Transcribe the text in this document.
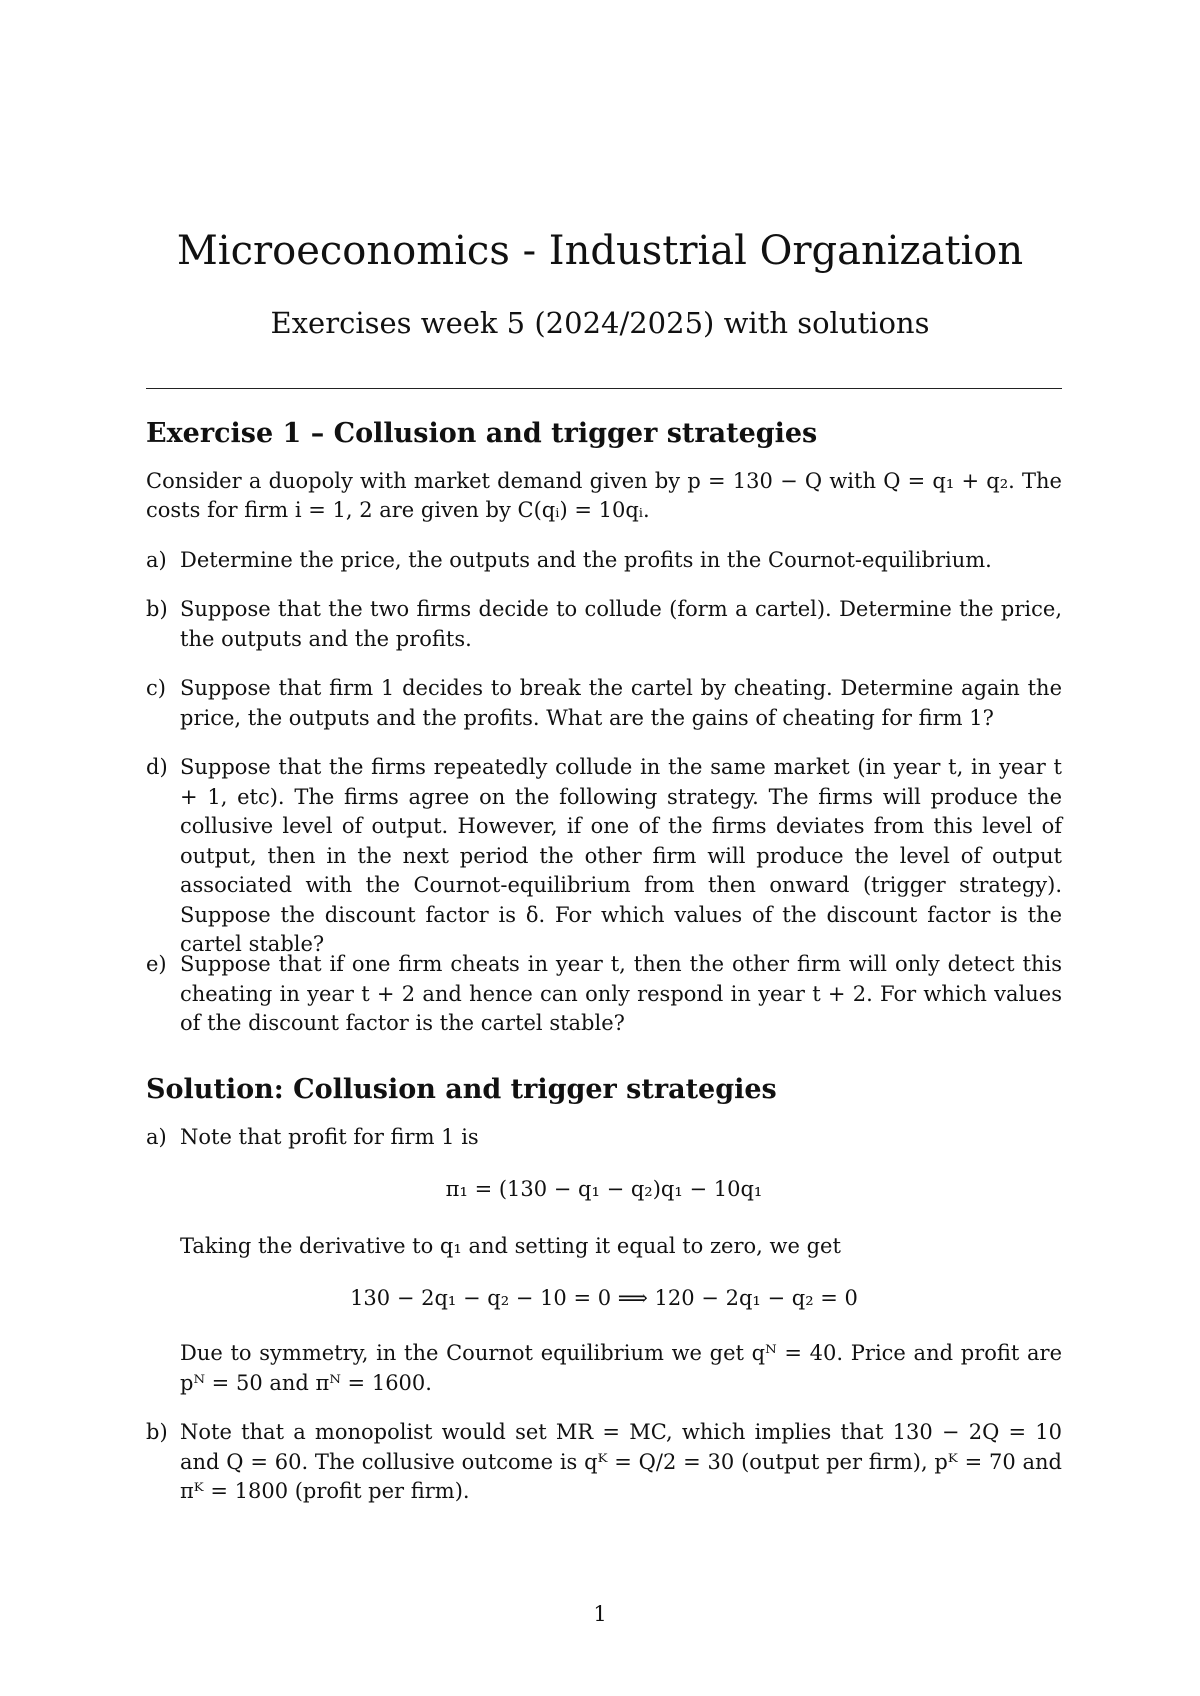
Microeconomics - Industrial Organization
Exercises week 5 (2024/2025) with solutions
Exercise 1 – Collusion and trigger strategies
Consider a duopoly with market demand given by p = 130 − Q with Q = q₁ + q₂. The costs for firm i = 1, 2 are given by C(qᵢ) = 10qᵢ.
a) Determine the price, the outputs and the profits in the Cournot-equilibrium.
b) Suppose that the two firms decide to collude (form a cartel). Determine the price, the outputs and the profits.
c) Suppose that firm 1 decides to break the cartel by cheating. Determine again the price, the outputs and the profits. What are the gains of cheating for firm 1?
d) Suppose that the firms repeatedly collude in the same market (in year t, in year t + 1, etc). The firms agree on the following strategy. The firms will produce the collusive level of output. However, if one of the firms deviates from this level of output, then in the next period the other firm will produce the level of output associated with the Cournot-equilibrium from then onward (trigger strategy). Suppose the discount factor is δ. For which values of the discount factor is the cartel stable?
e) Suppose that if one firm cheats in year t, then the other firm will only detect this cheating in year t + 2 and hence can only respond in year t + 2. For which values of the discount factor is the cartel stable?
Solution: Collusion and trigger strategies
a) Note that profit for firm 1 is
π₁ = (130 − q₁ − q₂)q₁ − 10q₁
Taking the derivative to q₁ and setting it equal to zero, we get
130 − 2q₁ − q₂ − 10 = 0 ⟹ 120 − 2q₁ − q₂ = 0
Due to symmetry, in the Cournot equilibrium we get qᴺ = 40. Price and profit are pᴺ = 50 and πᴺ = 1600.
b) Note that a monopolist would set MR = MC, which implies that 130 − 2Q = 10 and Q = 60. The collusive outcome is qᴷ = Q/2 = 30 (output per firm), pᴷ = 70 and πᴷ = 1800 (profit per firm).
1
